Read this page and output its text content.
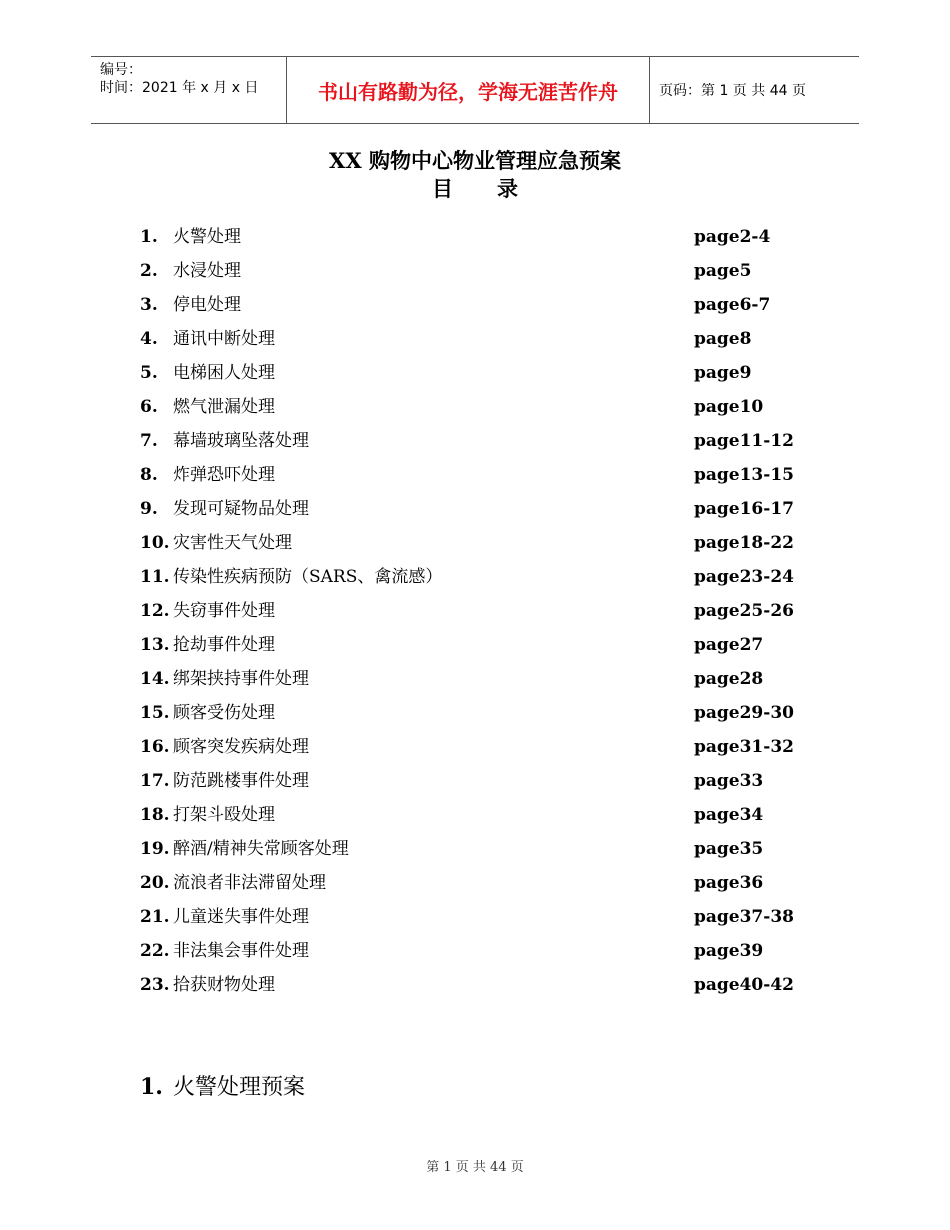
编号：
时间：2021 年 x 月 x 日	书山有路勤为径，学海无涯苦作舟	页码：第 1 页 共 44 页
XX 购物中心物业管理应急预案
目 录
1. 火警处理	page2-4
2. 水浸处理	page5
3. 停电处理	page6-7
4. 通讯中断处理	page8
5. 电梯困人处理	page9
6. 燃气泄漏处理	page10
7. 幕墙玻璃坠落处理	page11-12
8. 炸弹恐吓处理	page13-15
9. 发现可疑物品处理	page16-17
10. 灾害性天气处理	page18-22
11. 传染性疾病预防（SARS、禽流感）	page23-24
12. 失窃事件处理	page25-26
13. 抢劫事件处理	page27
14. 绑架挟持事件处理	page28
15. 顾客受伤处理	page29-30
16. 顾客突发疾病处理	page31-32
17. 防范跳楼事件处理	page33
18. 打架斗殴处理	page34
19. 醉酒/精神失常顾客处理	page35
20. 流浪者非法滞留处理	page36
21. 儿童迷失事件处理	page37-38
22. 非法集会事件处理	page39
23. 拾获财物处理	page40-42
1. 火警处理预案
第 1 页 共 44 页
